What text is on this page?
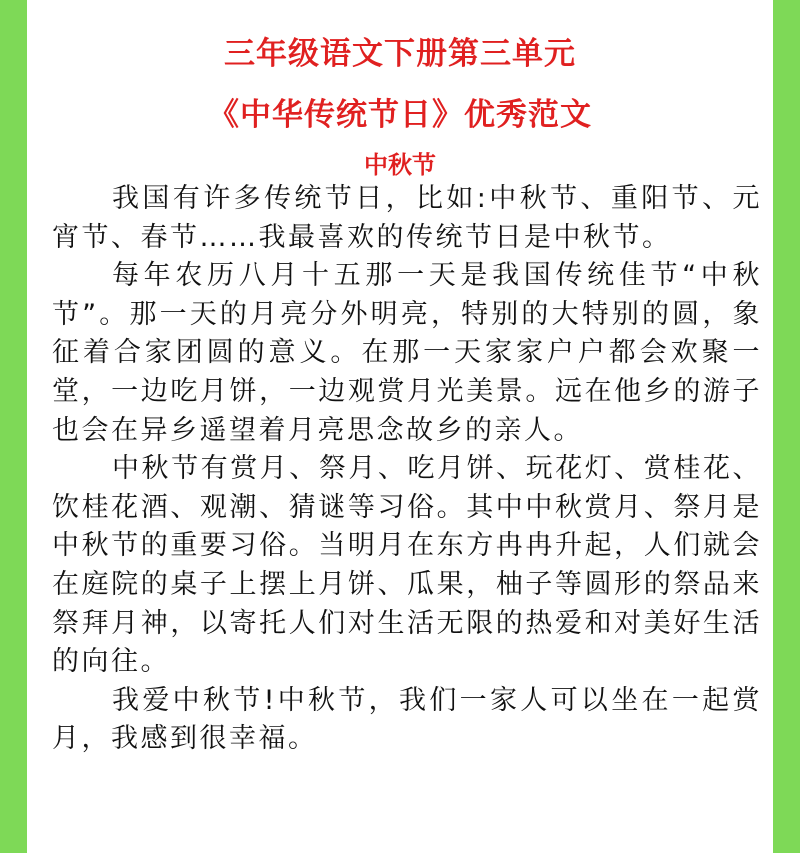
三年级语文下册第三单元
《中华传统节日》优秀范文
中秋节

我国有许多传统节日，比如:中秋节、重阳节、元宵节、春节……我最喜欢的传统节日是中秋节。

每年农历八月十五那一天是我国传统佳节“中秋节”。那一天的月亮分外明亮，特别的大特别的圆，象征着合家团圆的意义。在那一天家家户户都会欢聚一堂，一边吃月饼，一边观赏月光美景。远在他乡的游子也会在异乡遥望着月亮思念故乡的亲人。

中秋节有赏月、祭月、吃月饼、玩花灯、赏桂花、饮桂花酒、观潮、猜谜等习俗。其中中秋赏月、祭月是中秋节的重要习俗。当明月在东方冉冉升起，人们就会在庭院的桌子上摆上月饼、瓜果，柚子等圆形的祭品来祭拜月神，以寄托人们对生活无限的热爱和对美好生活的向往。

我爱中秋节!中秋节，我们一家人可以坐在一起赏月，我感到很幸福。
